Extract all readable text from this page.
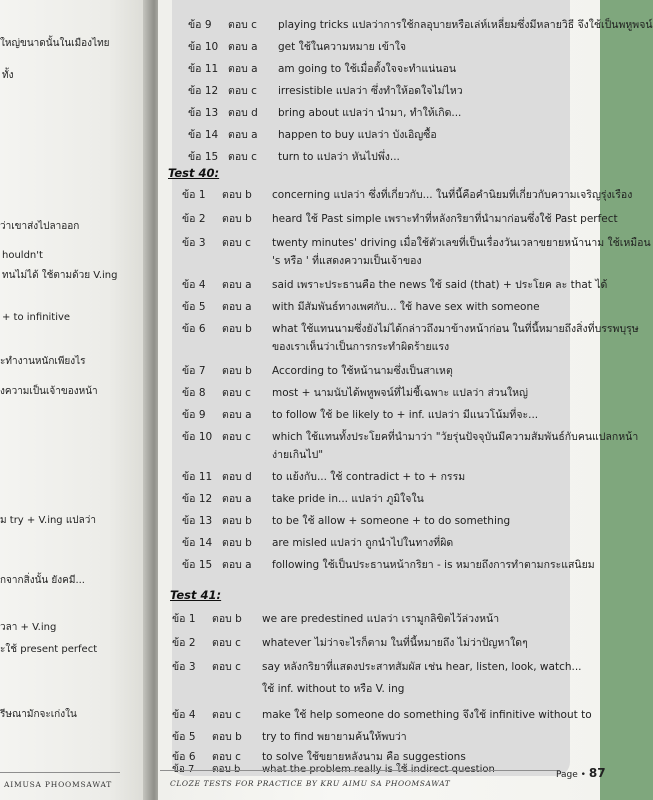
ใหญ่ขนาดนั้นในเมืองไทย
ทั้ง
ว่าเขาส่งไปลาออก
houldn't
ทนไม่ได้ ใช้ตามด้วย V.ing
+ to infinitive
ะทำงานหนักเพียงไร
งความเป็นเจ้าของหน้า
ม try + V.ing แปลว่า
กจากสิ่งนั้น ยังคมี...
วลา + V.ing
ะใช้ present perfect
รีษณามักจะเก่งใน
AIMUSA PHOOMSAWAT
ข้อ 9 ตอบ c playing tricks แปลว่าการใช้กลอุบายหรือเล่ห์เหลี่ยมซึ่งมีหลายวิธี จึงใช้เป็นพหูพจน์
ข้อ 10 ตอบ a get ใช้ในความหมาย เข้าใจ
ข้อ 11 ตอบ a am going to ใช้เมื่อตั้งใจจะทำแน่นอน
ข้อ 12 ตอบ c irresistible แปลว่า ซึ่งทำให้อดใจไม่ไหว
ข้อ 13 ตอบ d bring about แปลว่า นำมา, ทำให้เกิด...
ข้อ 14 ตอบ a happen to buy แปลว่า บังเอิญซื้อ
ข้อ 15 ตอบ c turn to แปลว่า หันไปพึ่ง...
Test 40:
ข้อ 1 ตอบ b concerning แปลว่า ซึ่งที่เกี่ยวกับ... ในที่นี้คือคำนิยมที่เกี่ยวกับความเจริญรุ่งเรือง
ข้อ 2 ตอบ b heard ใช้ Past simple เพราะทำที่หลังกริยาที่นำมาก่อนซึ่งใช้ Past perfect
ข้อ 3 ตอบ c twenty minutes' driving เมื่อใช้ตัวเลขที่เป็นเรื่องวันเวลาขยายหน้านาม ใช้เหมือน
's หรือ ' ที่แสดงความเป็นเจ้าของ
ข้อ 4 ตอบ a said เพราะประธานคือ the news ใช้ said (that) + ประโยค ละ that ได้
ข้อ 5 ตอบ a with มีสัมพันธ์ทางเพศกับ... ใช้ have sex with someone
ข้อ 6 ตอบ b what ใช้แทนนามซึ่งยังไม่ได้กล่าวถึงมาข้างหน้าก่อน ในที่นี้หมายถึงสิ่งที่บรรพบุรุษ
ของเราเห็นว่าเป็นการกระทำผิดร้ายแรง
ข้อ 7 ตอบ b According to ใช้หน้านามซึ่งเป็นสาเหตุ
ข้อ 8 ตอบ c most + นามนับได้พหูพจน์ที่ไม่ชี้เฉพาะ แปลว่า ส่วนใหญ่
ข้อ 9 ตอบ a to follow ใช้ be likely to + inf. แปลว่า มีแนวโน้มที่จะ...
ข้อ 10 ตอบ c which ใช้แทนทั้งประโยคที่นำมาว่า "วัยรุ่นปัจจุบันมีความสัมพันธ์กับคนแปลกหน้า
ง่ายเกินไป"
ข้อ 11 ตอบ d to แย้งกับ... ใช้ contradict + to + กรรม
ข้อ 12 ตอบ a take pride in... แปลว่า ภูมิใจใน
ข้อ 13 ตอบ b to be ใช้ allow + someone + to do something
ข้อ 14 ตอบ b are misled แปลว่า ถูกนำไปในทางที่ผิด
ข้อ 15 ตอบ a following ใช้เป็นประธานหน้ากริยา - is หมายถึงการทำตามกระแสนิยม
Test 41:
ข้อ 1 ตอบ b we are predestined แปลว่า เรามูกลิขิตไว้ล่วงหน้า
ข้อ 2 ตอบ c whatever ไม่ว่าจะไรก็ตาม ในที่นี้หมายถึง ไม่ว่าปัญหาใดๆ
ข้อ 3 ตอบ c say หลังกริยาที่แสดงประสาทสัมผัส เช่น hear, listen, look, watch...
ใช้ inf. without to หรือ V. ing
ข้อ 4 ตอบ c make ใช้ help someone do something จึงใช้ infinitive without to
ข้อ 5 ตอบ b try to find พยายามค้นให้พบว่า
ข้อ 6 ตอบ c to solve ใช้ขยายหลังนาม คือ suggestions
CLOZE TESTS FOR PRACTICE BY KRU AIMU SA PHOOMSAWAT
Page • 87
